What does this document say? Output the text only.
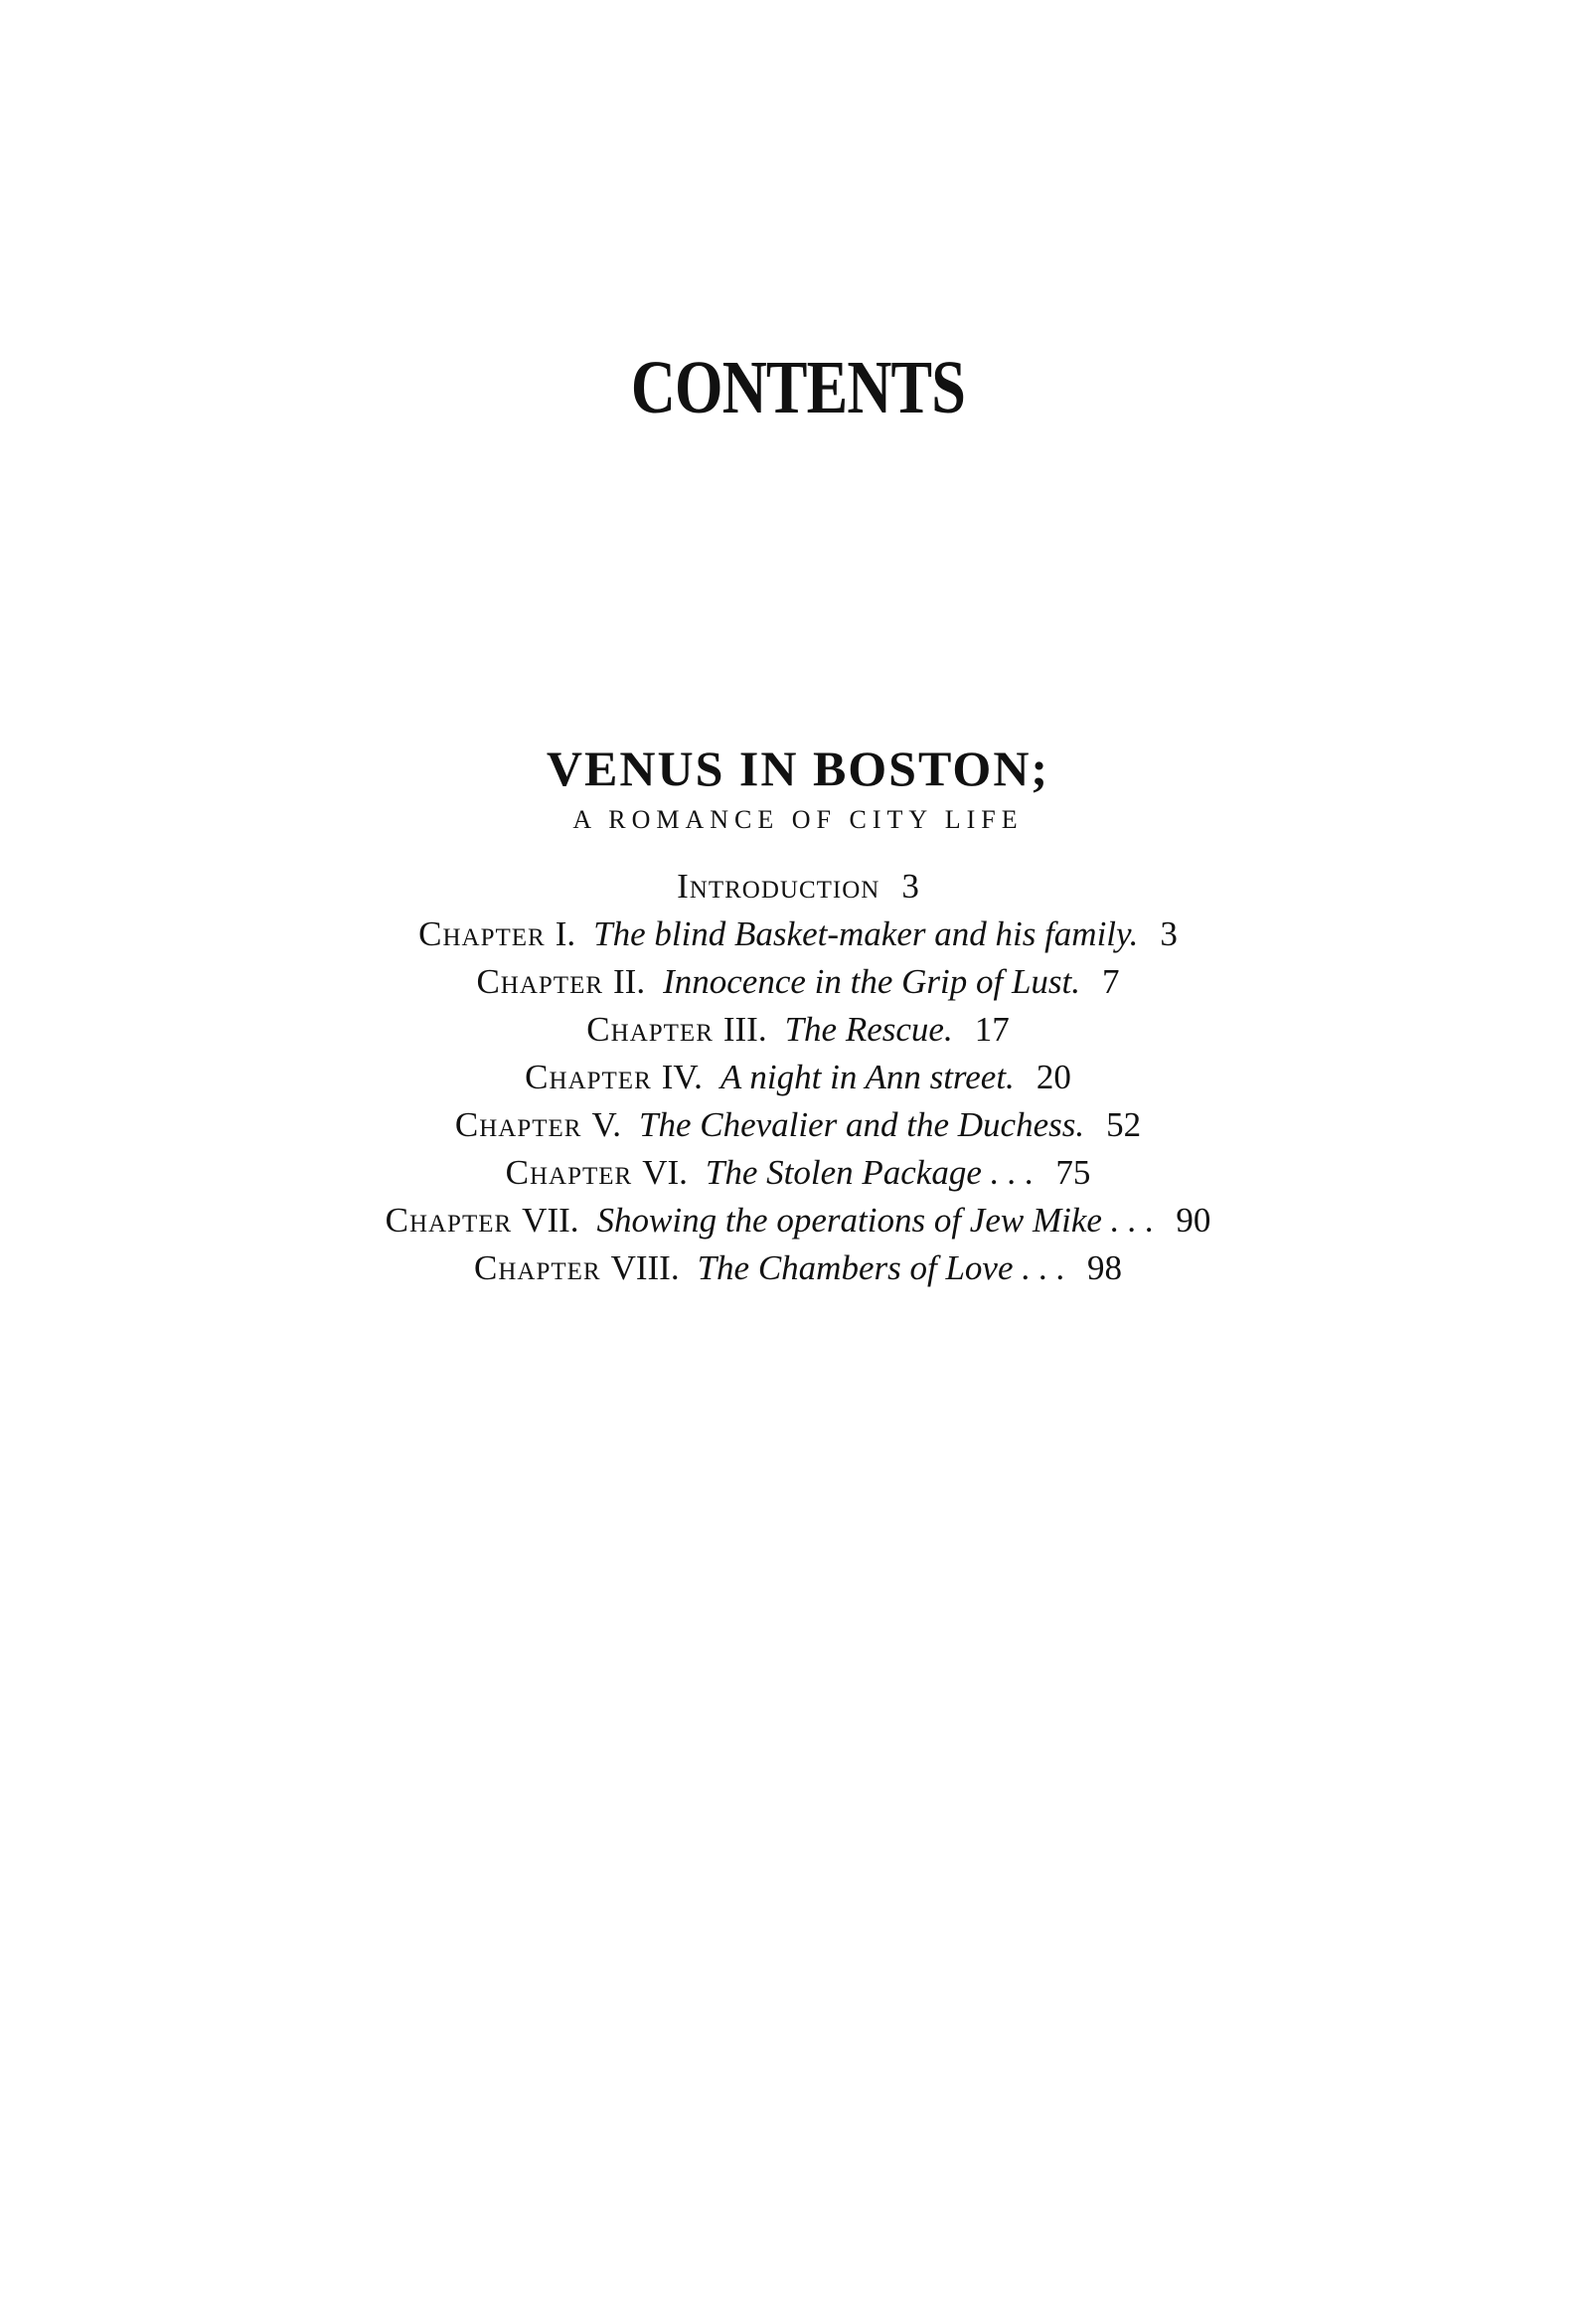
CONTENTS
VENUS IN BOSTON;
A ROMANCE OF CITY LIFE
Introduction 3
Chapter I. The blind Basket-maker and his family. 3
Chapter II. Innocence in the Grip of Lust. 7
Chapter III. The Rescue. 17
Chapter IV. A night in Ann street. 20
Chapter V. The Chevalier and the Duchess. 52
Chapter VI. The Stolen Package . . . 75
Chapter VII. Showing the operations of Jew Mike . . . 90
Chapter VIII. The Chambers of Love . . . 98
